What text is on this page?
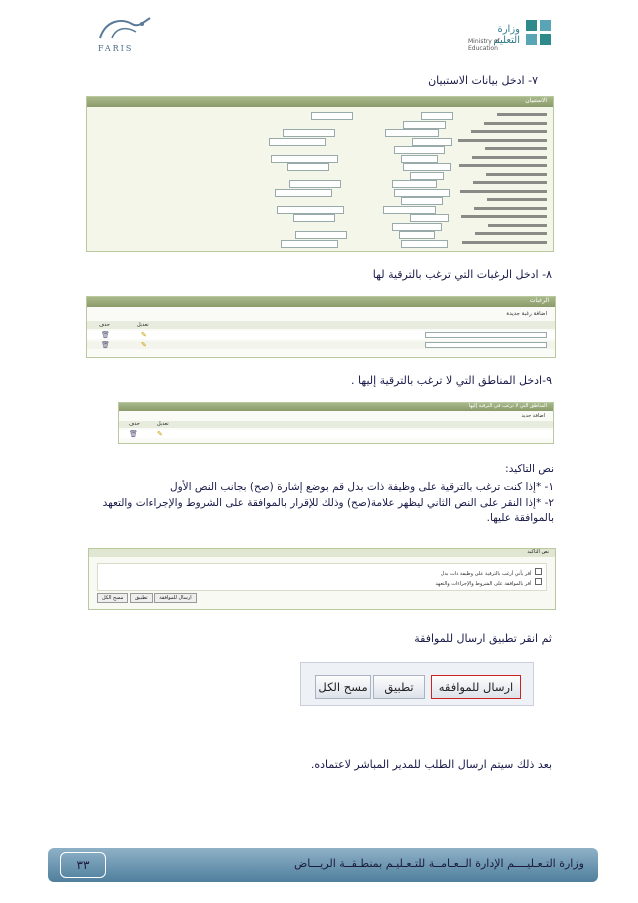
FARIS
وزارة التعليم
Ministry of Education
٧- ادخل بيانات الاستبيان
الاستبيان
٨- ادخل الرغبات التي ترغب بالترقية لها
الرغبات
اضافة رغبة جديدة
حذف	تعديل
🗑	✎
🗑	✎
٩-ادخل المناطق التي لا ترغب بالترقية إليها .
المناطق التي لا ترغب في الترقية إليها
اضافة جديد
حذف	تعديل
🗑	✎
نص التاكيد:
١- *إذا كنت ترغب بالترقية على وظيفة ذات بدل قم بوضع إشارة (صح) بجانب النص الأول
٢- *إذا النقر على النص الثاني ليظهر علامة(صح) وذلك للإقرار بالموافقة على الشروط والإجراءات والتعهد بالموافقة عليها.
نص التاكيد
أقر بأني أرغب بالترقية على وظيفة ذات بدل
أقر بالموافقة على الشروط والإجراءات والتعهد
مسح الكل تطبيق ارسال للموافقة
ثم انقر تطبيق ارسال للموافقة
مسح الكل	تطبيق	ارسال للموافقه
بعد ذلك سيتم ارسال الطلب للمدير المباشر لاعتماده.
وزارة التـعـليــــم الإدارة الــعـامــة للتـعـليـم بمنطـقــة الريـــاض
٣٣
